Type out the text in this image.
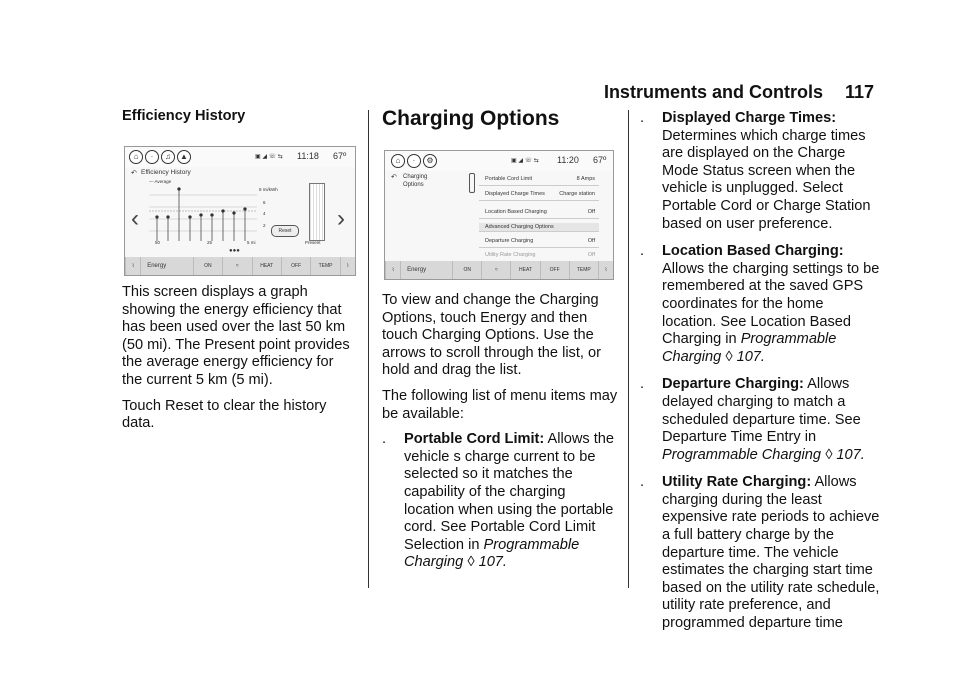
Instruments and Controls 117

Efficiency History

⌂	·	♫	▲	▣ ◢ ☏ ⇆ 11:18 67º
↶ Efficiency History
— Average
8 mi/kWh
6
4
2
‹	›
50	25	5 mi	Present
Reset
●●●
⌇	Energy	ON	≈	HEAT	OFF	TEMP	⌇

This screen displays a graph showing the energy efficiency that has been used over the last 50 km (50 mi). The Present point provides the average energy efficiency for the current 5 km (5 mi).

Touch Reset to clear the history data.

Charging Options

⌂	·	⚙	▣ ◢ ☏ ⇆ 11:20 67º
↶ Charging Options
Portable Cord Limit	8 Amps
Displayed Charge Times	Charge station
Location Based Charging	Off
Advanced Charging Options
Departure Charging	Off
Utility Rate Charging	Off
⌇	Energy	ON	≈	HEAT	OFF	TEMP	⌇

To view and change the Charging Options, touch Energy and then touch Charging Options. Use the arrows to scroll through the list, or hold and drag the list.

The following list of menu items may be available:

.	Portable Cord Limit: Allows the vehicle s charge current to be selected so it matches the capability of the charging location when using the portable cord. See Portable Cord Limit Selection in Programmable Charging ◊ 107.
.	Displayed Charge Times:
Determines which charge times are displayed on the Charge Mode Status screen when the vehicle is unplugged. Select Portable Cord or Charge Station based on user preference.
.	Location Based Charging:
Allows the charging settings to be remembered at the saved GPS coordinates for the home location. See Location Based Charging in Programmable Charging ◊ 107.
.	Departure Charging: Allows delayed charging to match a scheduled departure time. See Departure Time Entry in Programmable Charging ◊ 107.
.	Utility Rate Charging: Allows charging during the least expensive rate periods to achieve a full battery charge by the departure time. The vehicle estimates the charging start time based on the utility rate schedule, utility rate preference, and programmed departure time
